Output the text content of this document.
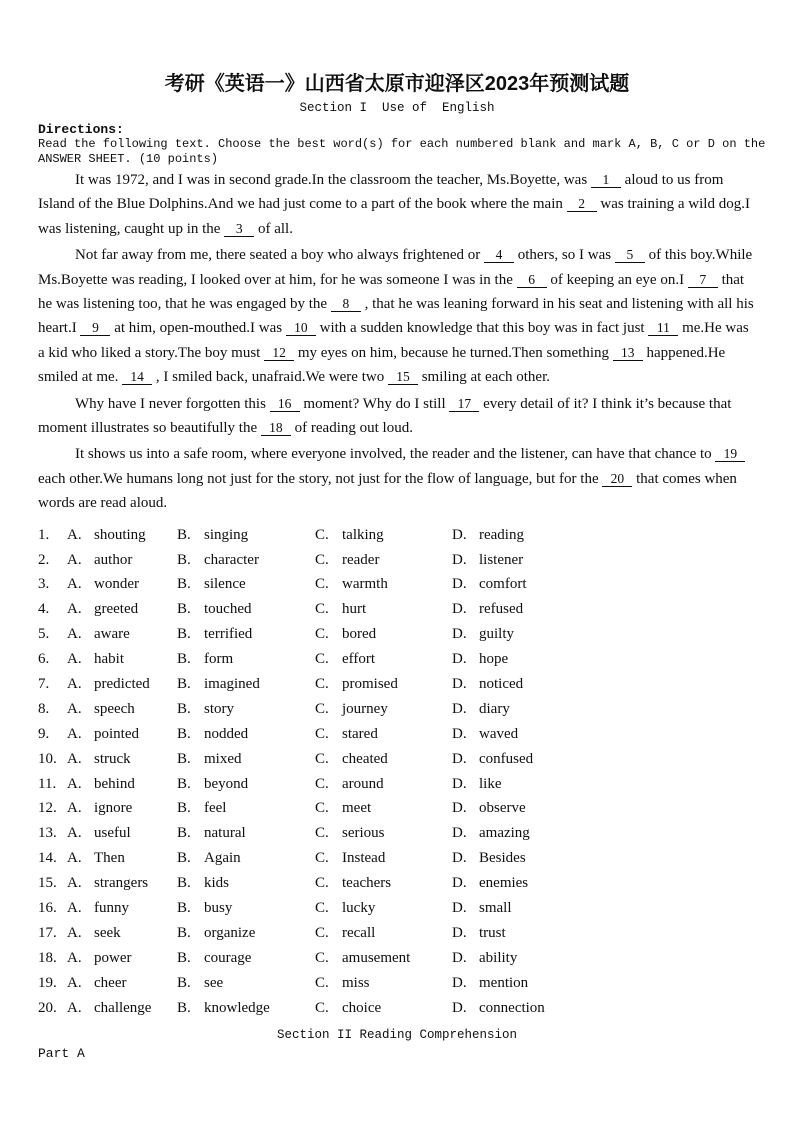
考研《英语一》山西省太原市迎泽区2023年预测试题
Section I  Use of  English
Directions:
Read the following text. Choose the best word(s) for each numbered blank and mark A, B, C or D on the ANSWER SHEET. (10 points)

It was 1972, and I was in second grade.In the classroom the teacher, Ms.Boyette, was 1 aloud to us from Island of the Blue Dolphins.And we had just come to a part of the book where the main 2 was training a wild dog.I was listening, caught up in the 3 of all.

Not far away from me, there seated a boy who always frightened or 4 others, so I was 5 of this boy.While Ms.Boyette was reading, I looked over at him, for he was someone I was in the 6 of keeping an eye on.I 7 that he was listening too, that he was engaged by the 8 , that he was leaning forward in his seat and listening with all his heart.I 9 at him, open-mouthed.I was 10 with a sudden knowledge that this boy was in fact just 11 me.He was a kid who liked a story.The boy must 12 my eyes on him, because he turned.Then something 13 happened.He smiled at me. 14 , I smiled back, unafraid.We were two 15 smiling at each other.

Why have I never forgotten this 16 moment? Why do I still 17 every detail of it? I think it’s because that moment illustrates so beautifully the 18 of reading out loud.

It shows us into a safe room, where everyone involved, the reader and the listener, can have that chance to 19 each other.We humans long not just for the story, not just for the flow of language, but for the 20 that comes when words are read aloud.

1. A. shouting B. singing	C. talking	D. reading
2. A. author	B. character	C. reader	D. listener
3. A. wonder	B. silence	C. warmth	D. comfort
4. A. greeted	B. touched	C. hurt	D. refused
5. A. aware	B. terrified	C. bored	D. guilty
6. A. habit	B. form	C. effort	D. hope
7. A. predicted B. imagined	C. promised	D. noticed
8. A. speech	B. story	C. journey	D. diary
9. A. pointed	B. nodded	C. stared	D. waved
10. A. struck	B. mixed	C. cheated	D. confused
11. A. behind	B. beyond	C. around	D. like
12. A. ignore	B. feel	C. meet	D. observe
13. A. useful	B. natural	C. serious	D. amazing
14. A. Then	B. Again	C. Instead	D. Besides
15. A. strangers B. kids	C. teachers	D. enemies
16. A. funny	B. busy	C. lucky	D. small
17. A. seek	B. organize	C. recall	D. trust
18. A. power	B. courage	C. amusement	D. ability
19. A. cheer	B. see	C. miss	D. mention
20. A. challenge B. knowledge	C. choice	D. connection
Section II Reading Comprehension
Part A
